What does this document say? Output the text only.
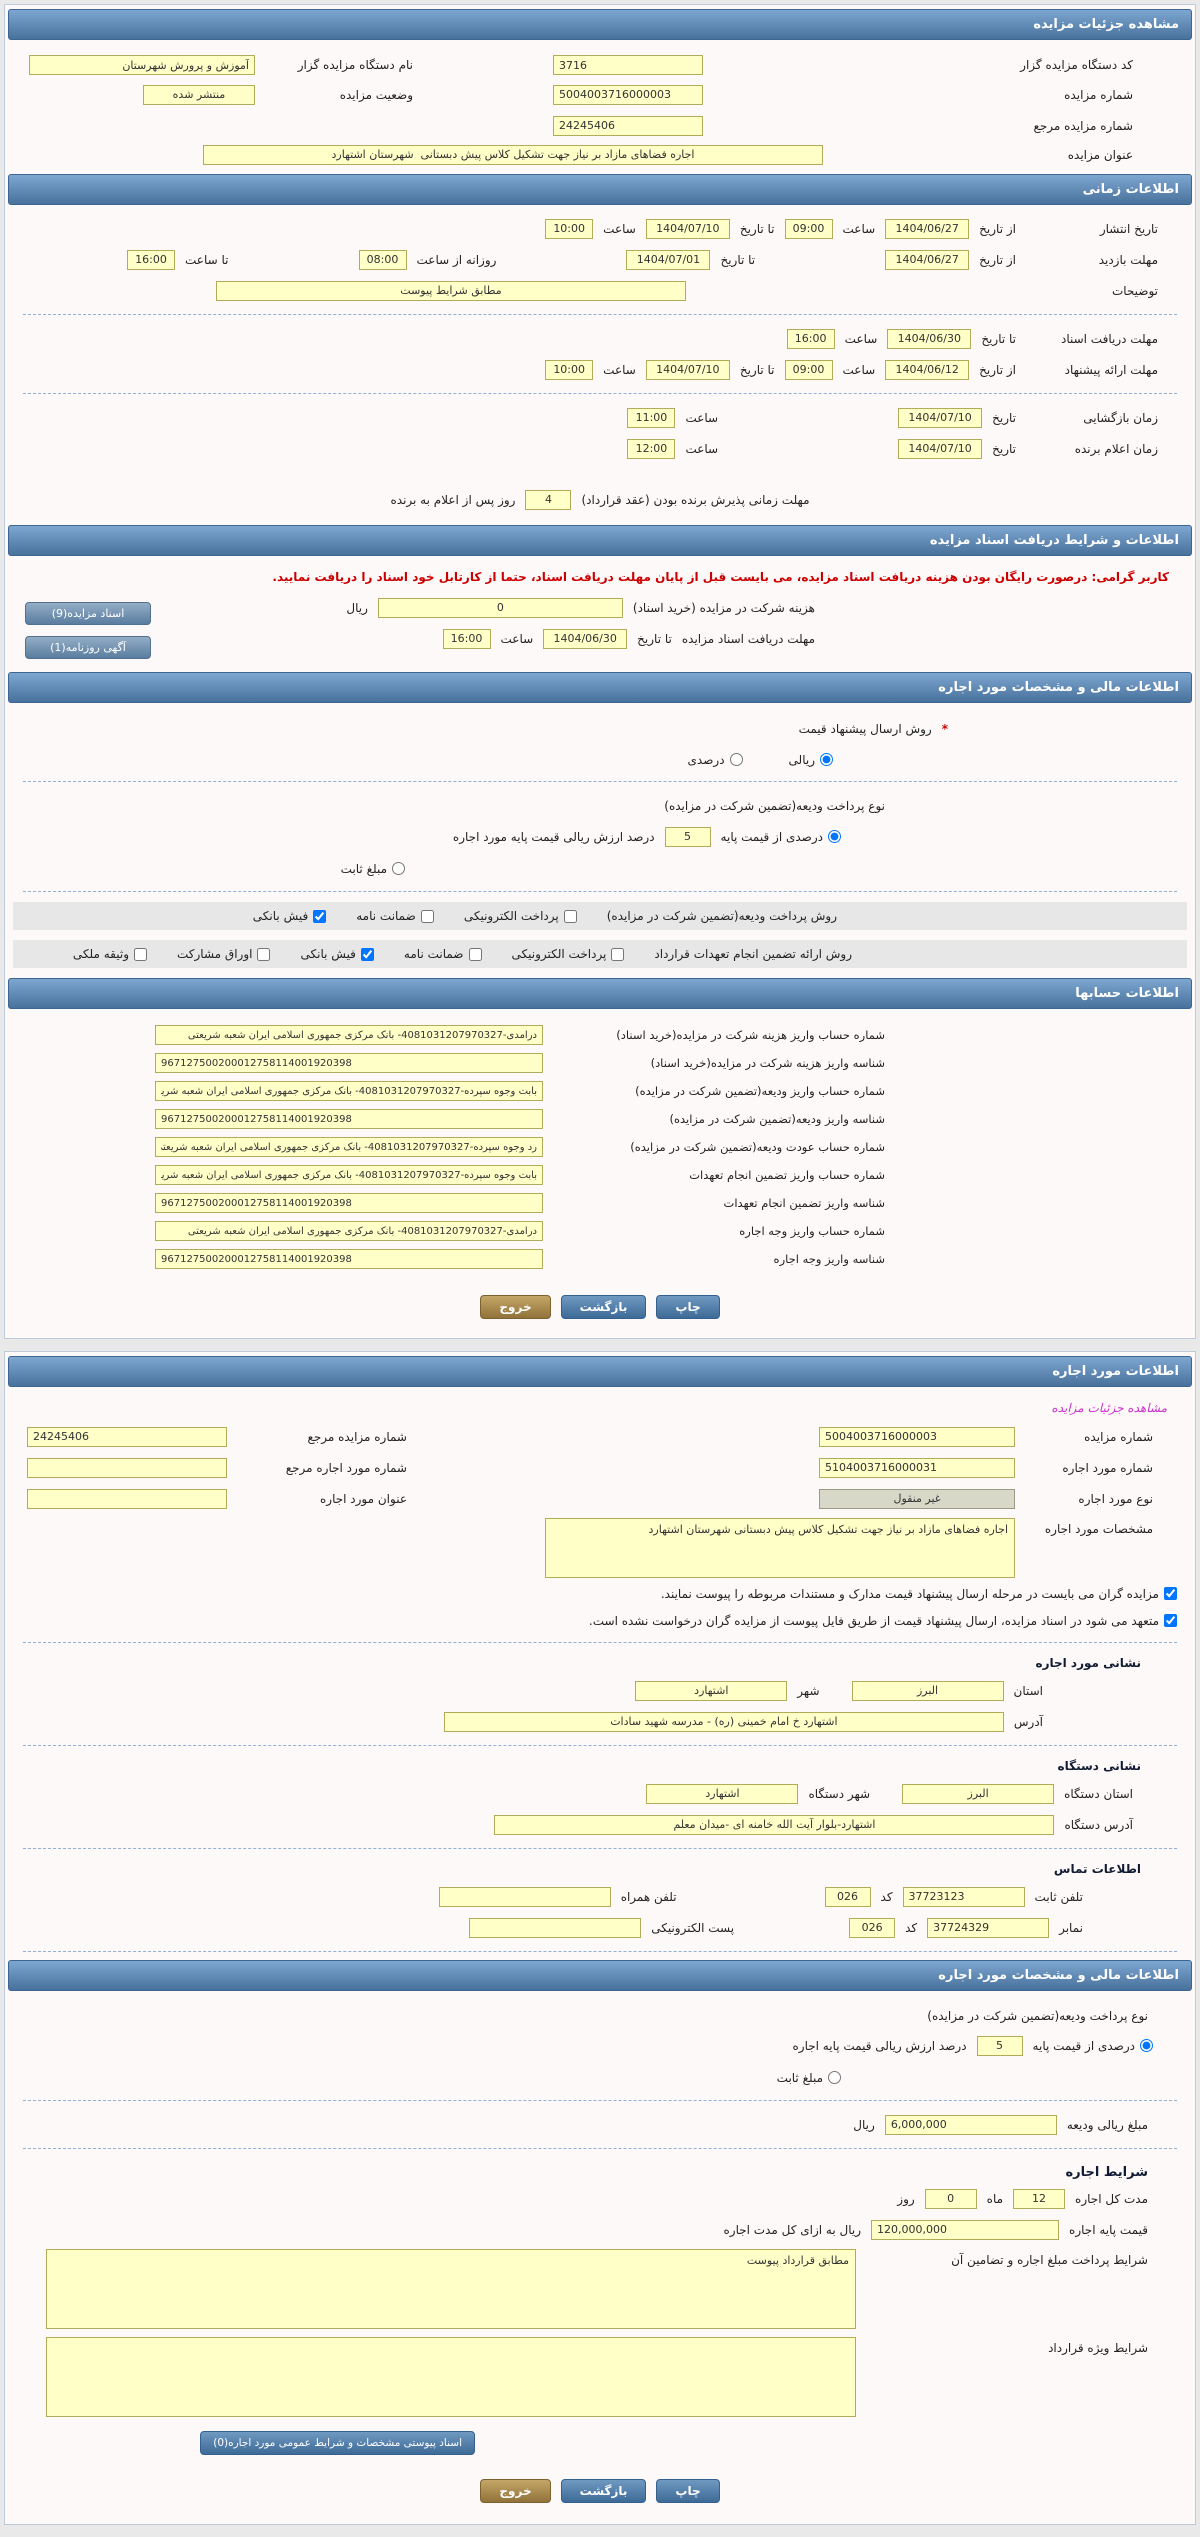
مشاهده جزئیات مزایده
کد دستگاه مزایده گزار
3716
نام دستگاه مزایده گزار
آموزش و پرورش شهرستان
شماره مزایده
5004003716000003
وضعیت مزایده
منتشر شده
شماره مزایده مرجع
24245406
عنوان مزایده
اجاره فضاهای مازاد بر نیاز جهت تشکیل کلاس پیش دبستانی شهرستان اشتهارد
اطلاعات زمانی
تاریخ انتشار
از تاریخ
1404/06/27
ساعت
09:00
تا تاریخ
1404/07/10
ساعت
10:00
مهلت بازدید
از تاریخ
1404/06/27
تا تاریخ
1404/07/01
روزانه از ساعت
08:00
تا ساعت
16:00
توضیحات
مطابق شرایط پیوست
مهلت دریافت اسناد
تا تاریخ
1404/06/30
ساعت
16:00
مهلت ارائه پیشنهاد
از تاریخ
1404/06/12
ساعت
09:00
تا تاریخ
1404/07/10
ساعت
10:00
زمان بازگشایی
تاریخ
1404/07/10
ساعت
11:00
زمان اعلام برنده
تاریخ
1404/07/10
ساعت
12:00
مهلت زمانی پذیرش برنده بودن (عقد قرارداد)
4
روز پس از اعلام به برنده
اطلاعات و شرایط دریافت اسناد مزایده
کاربر گرامی: درصورت رایگان بودن هزینه دریافت اسناد مزایده، می بایست قبل از پایان مهلت دریافت اسناد، حتما از کارتابل خود اسناد را دریافت نمایید.
هزینه شرکت در مزایده (خرید اسناد)
0
ریال
مهلت دریافت اسناد مزایده
تا تاریخ
1404/06/30
ساعت
16:00
اسناد مزایده(9)
آگهی روزنامه(1)
اطلاعات مالی و مشخصات مورد اجاره
*
روش ارسال پیشنهاد قیمت
ریالی
درصدی
نوع پرداخت ودیعه(تضمین شرکت در مزایده)
درصدی از قیمت پایه
5
درصد ارزش ریالی قیمت پایه مورد اجاره
مبلغ ثابت
روش پرداخت ودیعه(تضمین شرکت در مزایده)
پرداخت الکترونیکی
ضمانت نامه
فیش بانکی
روش ارائه تضمین انجام تعهدات قرارداد
پرداخت الکترونیکی
ضمانت نامه
فیش بانکی
اوراق مشارکت
وثیقه ملکی
اطلاعات حسابها
شماره حساب واریز هزینه شرکت در مزایده(خرید اسناد)
درآمدی-4081031207970327- بانک مرکزی جمهوری اسلامی ایران شعبه شریعتی
شناسه واریز هزینه شرکت در مزایده(خرید اسناد)
967127500200012758114001920398
شماره حساب واریز ودیعه(تضمین شرکت در مزایده)
بابت وجوه سپرده-4081031207970327- بانک مرکزی جمهوری اسلامی ایران شعبه شریعتی
شناسه واریز ودیعه(تضمین شرکت در مزایده)
967127500200012758114001920398
شماره حساب عودت ودیعه(تضمین شرکت در مزایده)
رد وجوه سپرده-4081031207970327- بانک مرکزی جمهوری اسلامی ایران شعبه شریعتی
شماره حساب واریز تضمین انجام تعهدات
بابت وجوه سپرده-4081031207970327- بانک مرکزی جمهوری اسلامی ایران شعبه شریعتی
شناسه واریز تضمین انجام تعهدات
967127500200012758114001920398
شماره حساب واریز وجه اجاره
درآمدی-4081031207970327- بانک مرکزی جمهوری اسلامی ایران شعبه شریعتی
شناسه واریز وجه اجاره
967127500200012758114001920398
چاپ
بازگشت
خروج
اطلاعات مورد اجاره
مشاهده جزئیات مزایده
شماره مزایده
5004003716000003
شماره مزایده مرجع
24245406
شماره مورد اجاره
5104003716000031
شماره مورد اجاره مرجع
نوع مورد اجاره
غیر منقول
عنوان مورد اجاره
مشخصات مورد اجاره
اجاره فضاهای مازاد بر نیاز جهت تشکیل کلاس پیش دبستانی شهرستان اشتهارد
مزایده گران می بایست در مرحله ارسال پیشنهاد قیمت مدارک و مستندات مربوطه را پیوست نمایند.
متعهد می شود در اسناد مزایده، ارسال پیشنهاد قیمت از طریق فایل پیوست از مزایده گران درخواست نشده است.
نشانی مورد اجاره
استان
البرز
شهر
اشتهارد
آدرس
اشتهارد خ امام خمینی (ره) - مدرسه شهید سادات
نشانی دستگاه
استان دستگاه
البرز
شهر دستگاه
اشتهارد
آدرس دستگاه
اشتهارد-بلوار آیت الله خامنه ای -میدان معلم
اطلاعات تماس
تلفن ثابت
37723123
کد
026
تلفن همراه
نمابر
37724329
کد
026
پست الکترونیکی
اطلاعات مالی و مشخصات مورد اجاره
نوع پرداخت ودیعه(تضمین شرکت در مزایده)
درصدی از قیمت پایه
5
درصد ارزش ریالی قیمت پایه اجاره
مبلغ ثابت
مبلغ ریالی ودیعه
6,000,000
ریال
شرایط اجاره
مدت کل اجاره
12
ماه
0
روز
قیمت پایه اجاره
120,000,000
ریال به ازای کل مدت اجاره
شرایط پرداخت مبلغ اجاره و تضامین آن
مطابق قرارداد پیوست
شرایط ویژه قرارداد
اسناد پیوستی مشخصات و شرایط عمومی مورد اجاره(0)
چاپ
بازگشت
خروج
